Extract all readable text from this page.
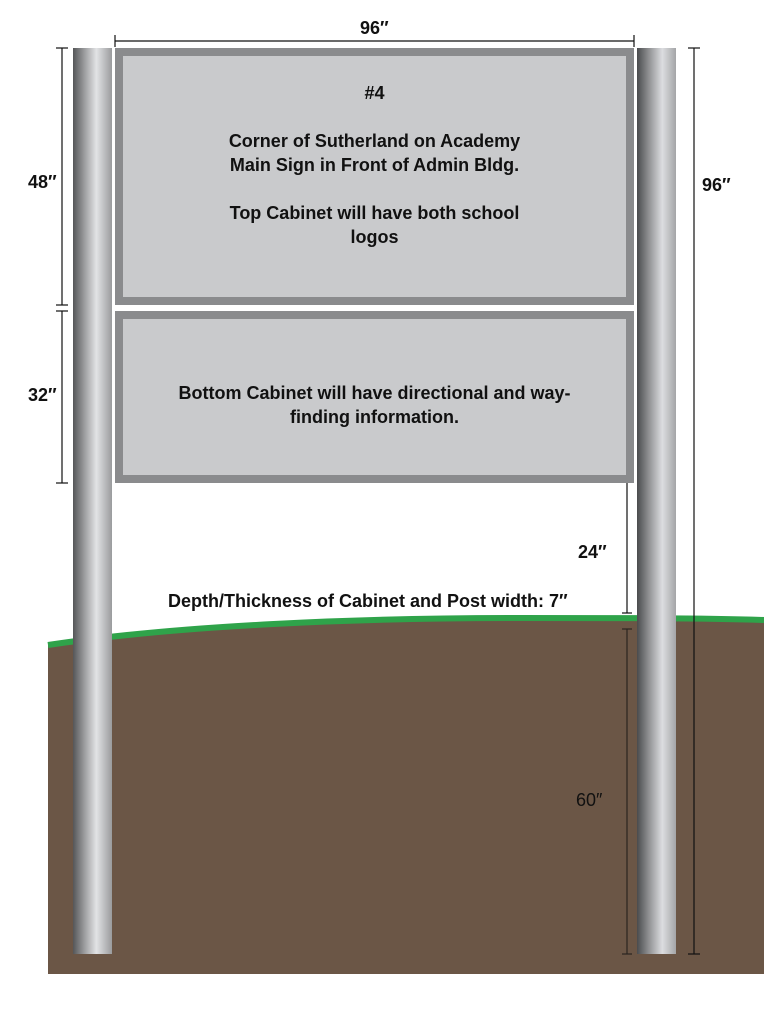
96″
48″
32″
96″
24″
60″
#4
Corner of Sutherland on Academy
Main Sign in Front of Admin Bldg.
Top Cabinet will have both school
logos
Bottom Cabinet will have directional and way-
finding information.
Depth/Thickness of Cabinet and Post width: 7″
